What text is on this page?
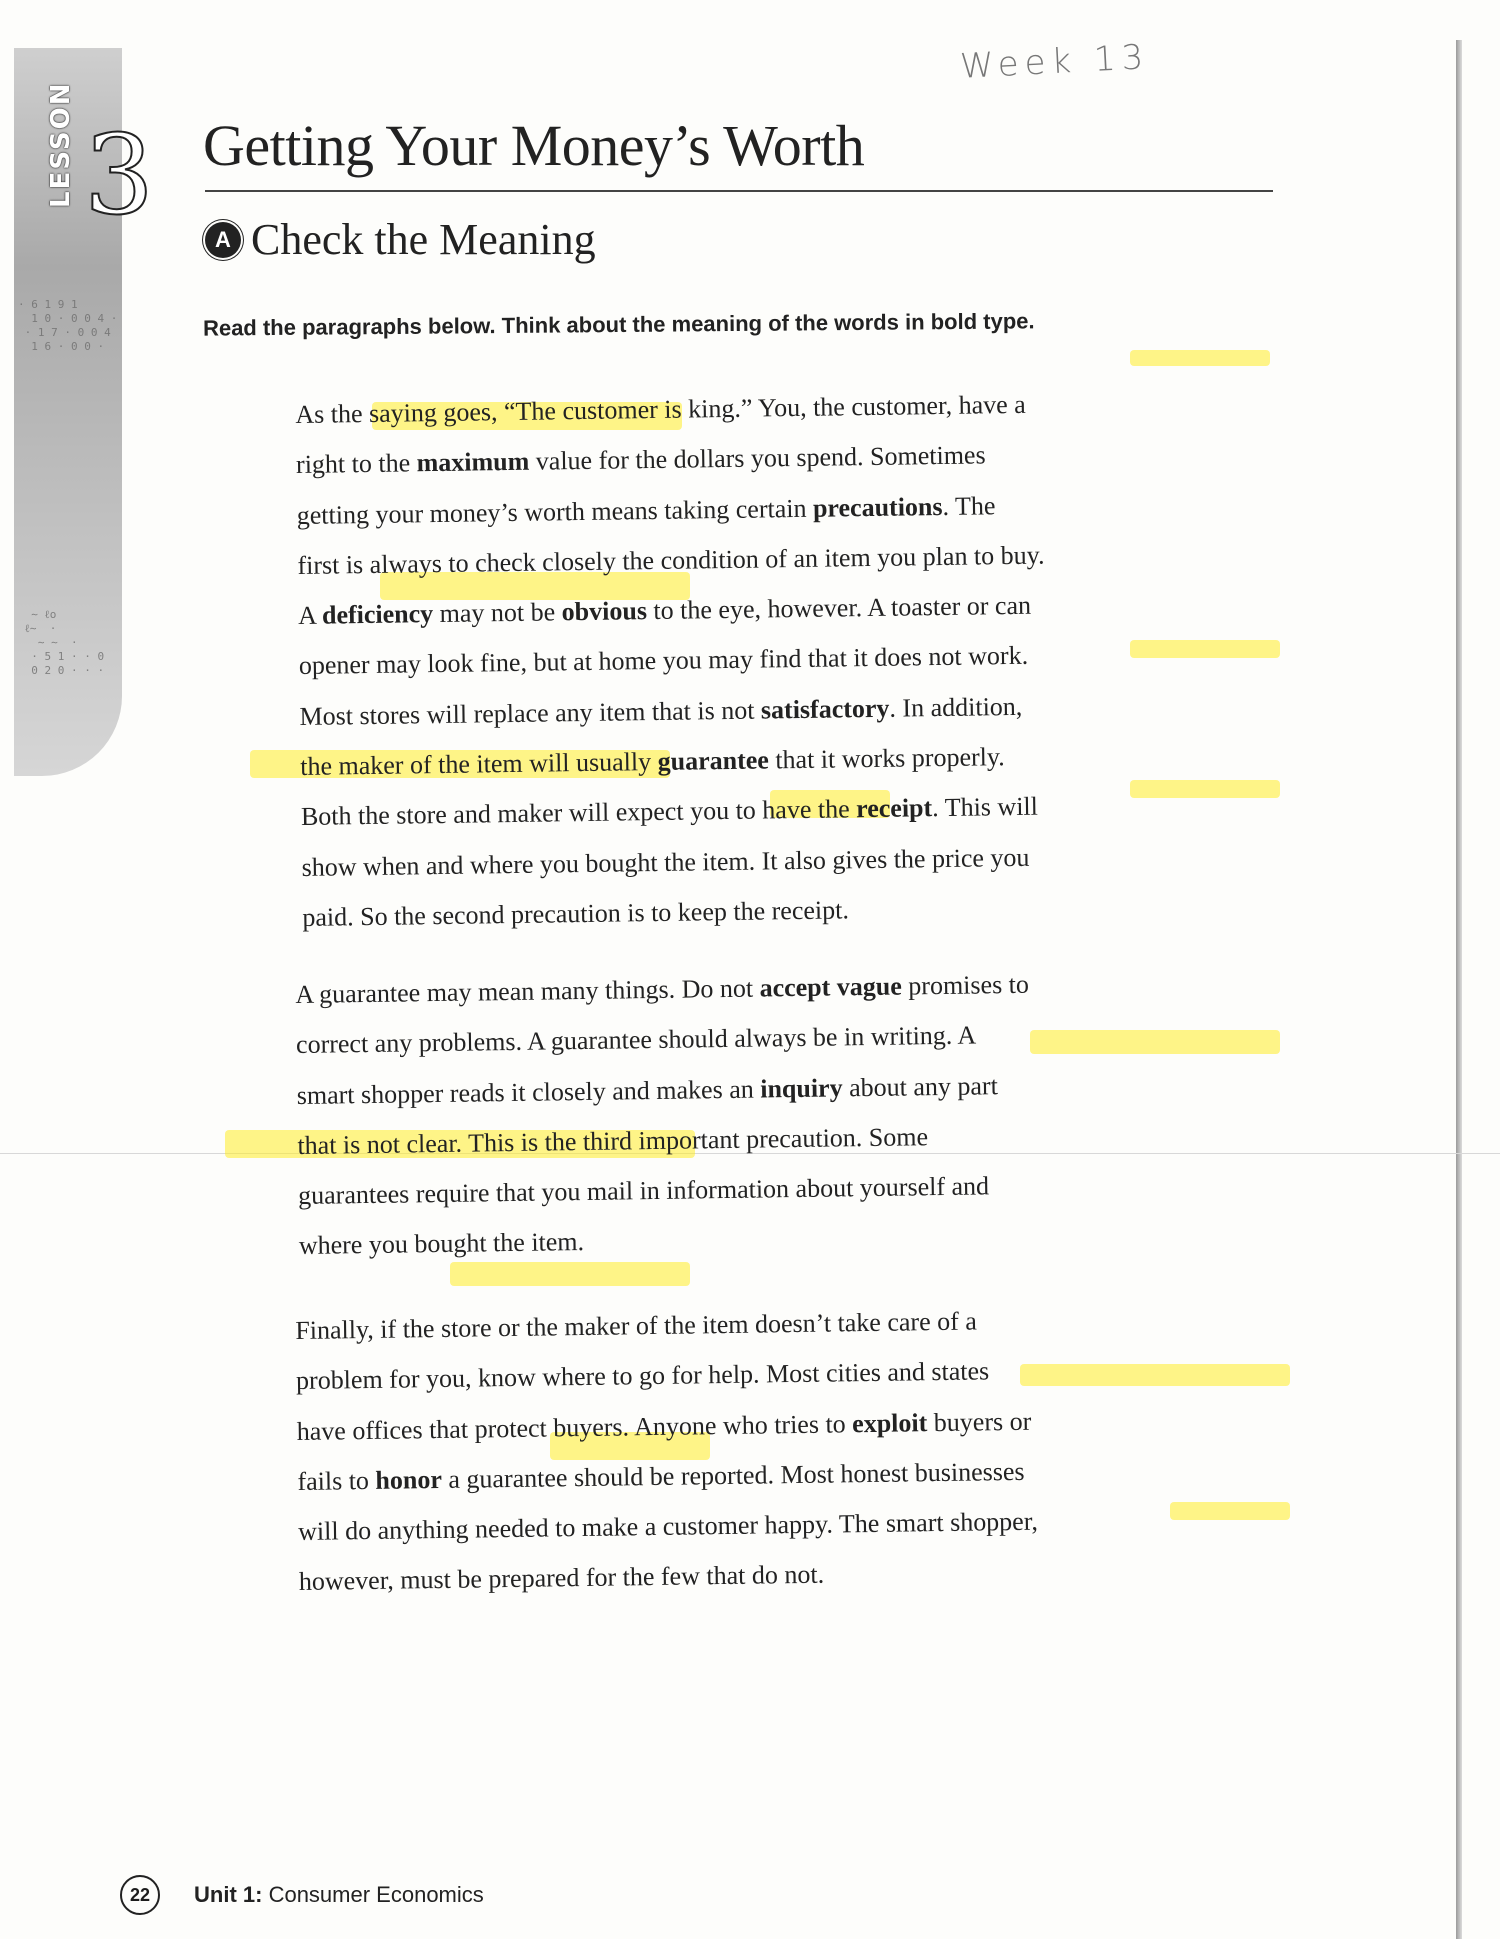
· 6 1 9 1
1 0 · 0 0 4 ·
· 1 7 · 0 0 4
1 6 · 0 0 ·
∼ ℓo
ℓ∼  ·
∼ ∼  ·
· 5 1 · · 0
0 2 0 · · ·
LESSON 3
Week 13
Getting Your Money’s Worth
A Check the Meaning
Read the paragraphs below. Think about the meaning of the words in bold type.

As the saying goes, “The customer is king.” You, the customer, have a
right to the maximum value for the dollars you spend. Sometimes
getting your money’s worth means taking certain precautions. The
first is always to check closely the condition of an item you plan to buy.
A deficiency may not be obvious to the eye, however. A toaster or can
opener may look fine, but at home you may find that it does not work.
Most stores will replace any item that is not satisfactory. In addition,
the maker of the item will usually guarantee that it works properly.
Both the store and maker will expect you to have the receipt. This will
show when and where you bought the item. It also gives the price you
paid. So the second precaution is to keep the receipt.

A guarantee may mean many things. Do not accept vague promises to
correct any problems. A guarantee should always be in writing. A
smart shopper reads it closely and makes an inquiry about any part
that is not clear. This is the third important precaution. Some
guarantees require that you mail in information about yourself and
where you bought the item.

Finally, if the store or the maker of the item doesn’t take care of a
problem for you, know where to go for help. Most cities and states
have offices that protect buyers. Anyone who tries to exploit buyers or
fails to honor a guarantee should be reported. Most honest businesses
will do anything needed to make a customer happy. The smart shopper,
however, must be prepared for the few that do not.

22	Unit 1: Consumer Economics
